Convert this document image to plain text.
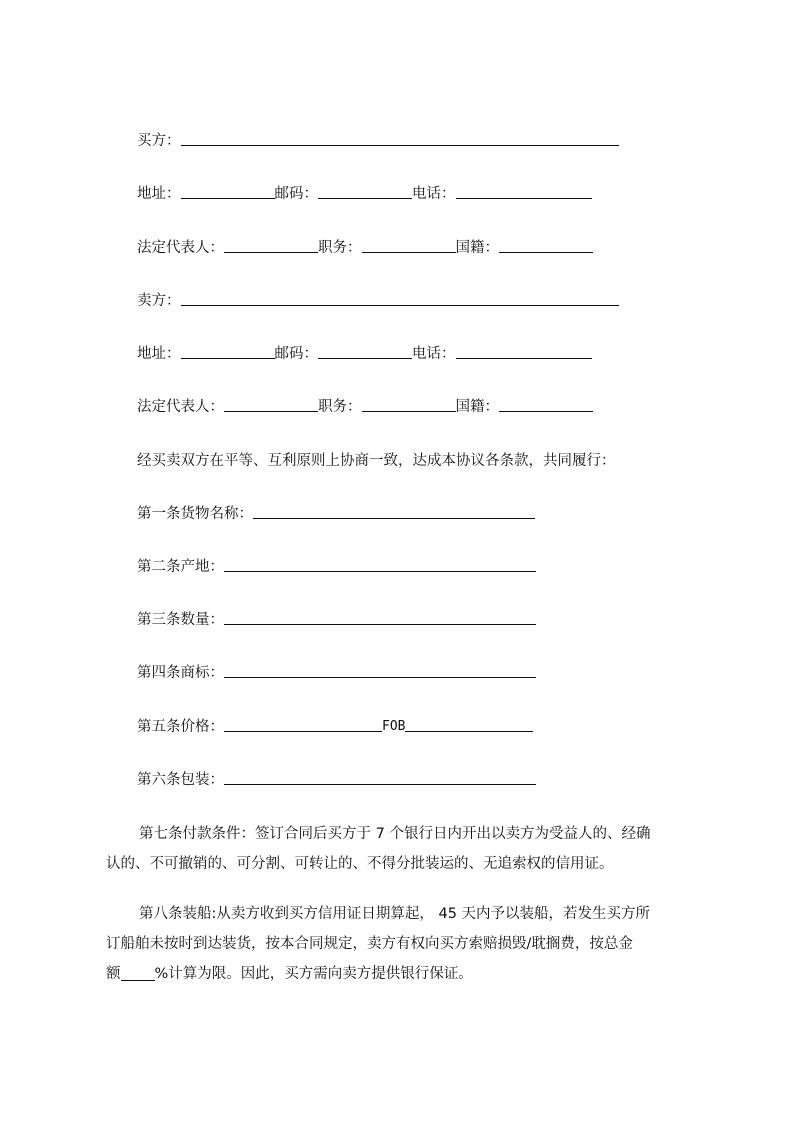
买方：
地址：	邮码：	电话：
法定代表人：	职务：	国籍：
卖方：
地址：	邮码：	电话：
法定代表人：	职务：	国籍：
经买卖双方在平等、互利原则上协商一致，达成本协议各条款，共同履行：
第一条货物名称：
第二条产地：
第三条数量：
第四条商标：
第五条价格：	FOB
第六条包装：
第七条付款条件：签订合同后买方于 7 个银行日内开出以卖方为受益人的、经确
认的、不可撤销的、可分割、可转让的、不得分批装运的、无追索权的信用证。
第八条装船:从卖方收到买方信用证日期算起， 45 天内予以装船，若发生买方所
订船舶未按时到达装货，按本合同规定，卖方有权向买方索赔损毁/耽搁费，按总金
额 %计算为限。因此，买方需向卖方提供银行保证。
